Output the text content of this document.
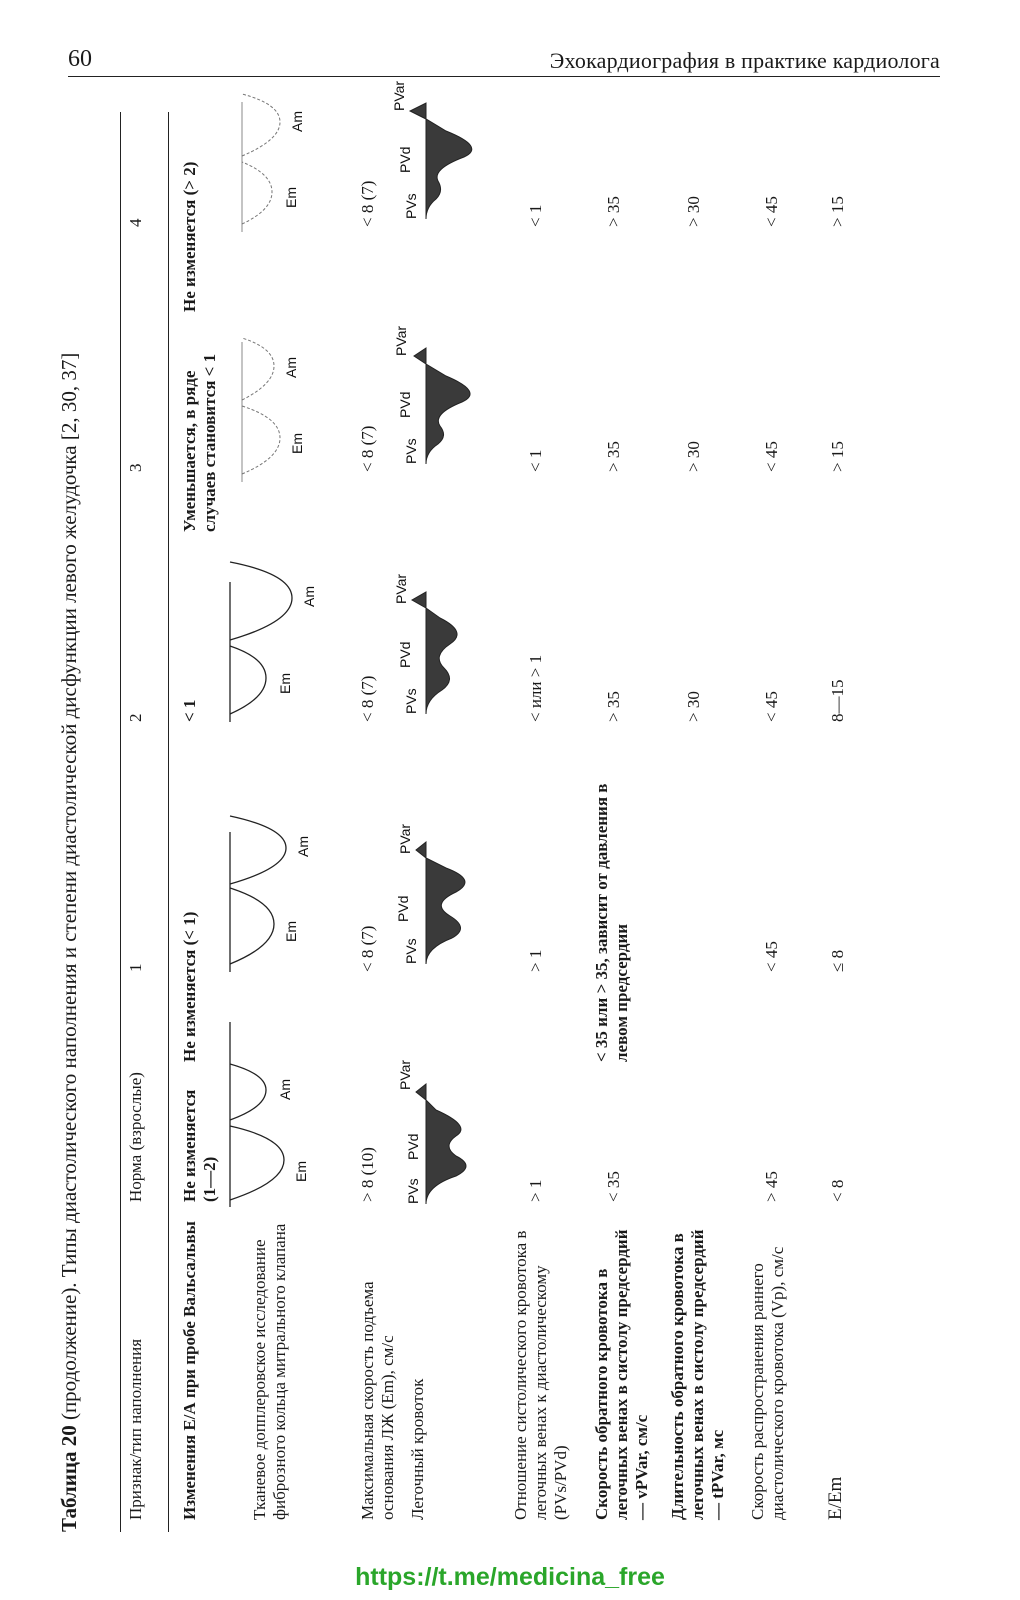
60	Эхокардиография в практике кардиолога
Таблица 20 (продолжение). Типы диастолического наполнения и степени диастолической дисфункции левого желудочка [2, 30, 37]
Признак/тип наполнения
Норма (взрослые)
1
2
3
4
Изменения Е/А при пробе Вальсальвы
Не изменяется (1—2)
Не изменяется (< 1)
< 1
Уменьшается, в ряде случаев становится < 1
Не изменяется (> 2)
Тканевое допплеровское исследование фиброзного кольца митрального клапана
Em
Am
Em
Am
Em
Am
Em
Am
Em
Am
Максимальная скорость подъема основания ЛЖ (Em), см/с
> 8 (10)
< 8 (7)
< 8 (7)
< 8 (7)
< 8 (7)
Легочный кровоток
PVs
PVd
PVar
PVs
PVd
PVar
PVs
PVd
PVar
PVs
PVd
PVar
PVs
PVd
PVar
Отношение систолического кровотока в легочных венах к диастолическому (PVs/PVd)
> 1
> 1
< или > 1
< 1
< 1
Скорость обратного кровотока в легочных венах в систолу предсердий — vPVar, см/с
< 35
< 35 или > 35, зависит от давления в левом предсердии
> 35
> 35
> 35
Длительность обратного кровотока в легочных венах в систолу предсердий — tPVar, мс
> 30
> 30
> 30
Скорость распространения раннего диастолического кровотока (Vp), см/с
> 45
< 45
< 45
< 45
< 45
E/Em
< 8
≤ 8
8—15
> 15
> 15
https://t.me/medicina_free
